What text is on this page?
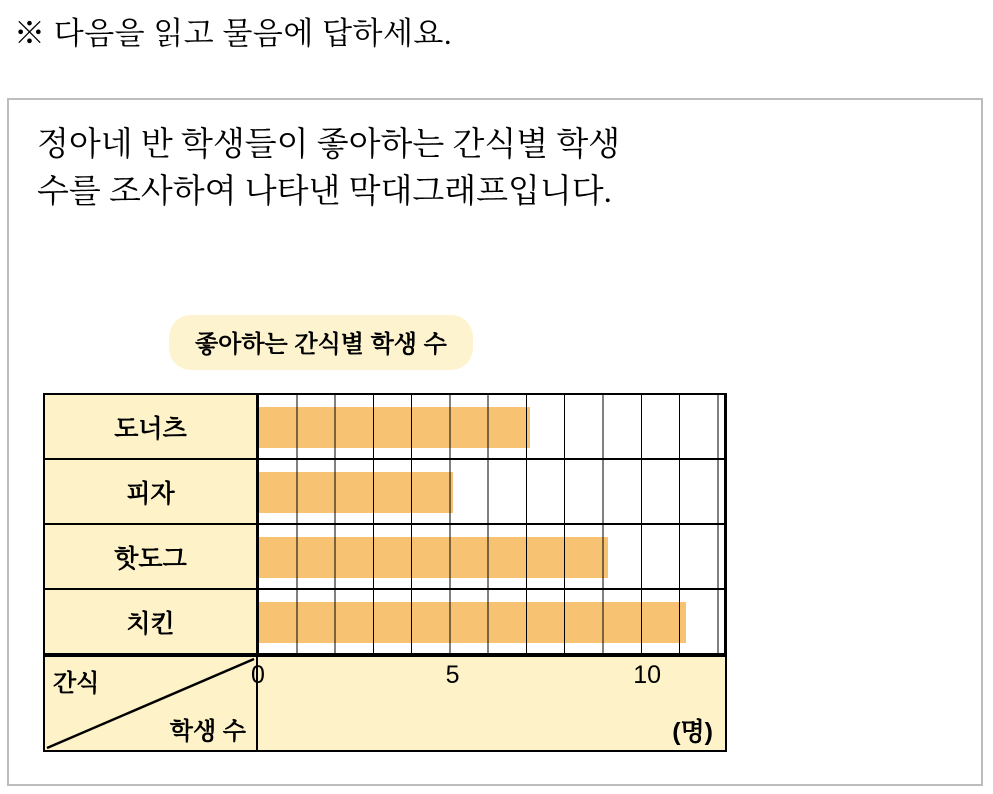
※ 다음을 읽고 물음에 답하세요.
정아네 반 학생들이 좋아하는 간식별 학생
수를 조사하여 나타낸 막대그래프입니다.
좋아하는 간식별 학생 수
도너츠
피자
핫도그
치킨
간식
학생 수
0	5	10
(명)
